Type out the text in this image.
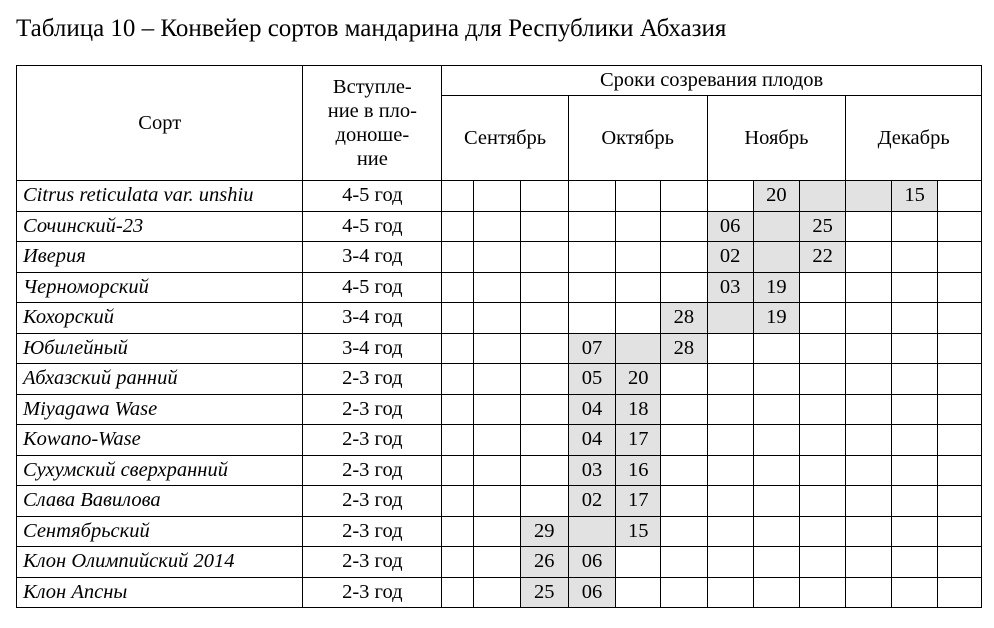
Таблица 10 – Конвейер сортов мандарина для Республики Абхазия
Сорт	Вступле-
ние в пло-
доноше-
ние	Сроки созревания плодов											
		Сентябрь			Октябрь			Ноябрь			Декабрь		
Citrus reticulata var. unshiu	4-5 год								20			15	
Сочинский-23	4-5 год							06		25			
Иверия	3-4 год							02		22			
Черноморский	4-5 год							03	19				
Кохорский	3-4 год						28		19				
Юбилейный	3-4 год				07		28						
Абхазский ранний	2-3 год				05	20							
Miyagawa Wase	2-3 год				04	18							
Kowano-Wase	2-3 год				04	17							
Сухумский сверхранний	2-3 год				03	16							
Слава Вавилова	2-3 год				02	17							
Сентябрьский	2-3 год			29		15							
Клон Олимпийский 2014	2-3 год			26	06								
Клон Апсны	2-3 год			25	06								
